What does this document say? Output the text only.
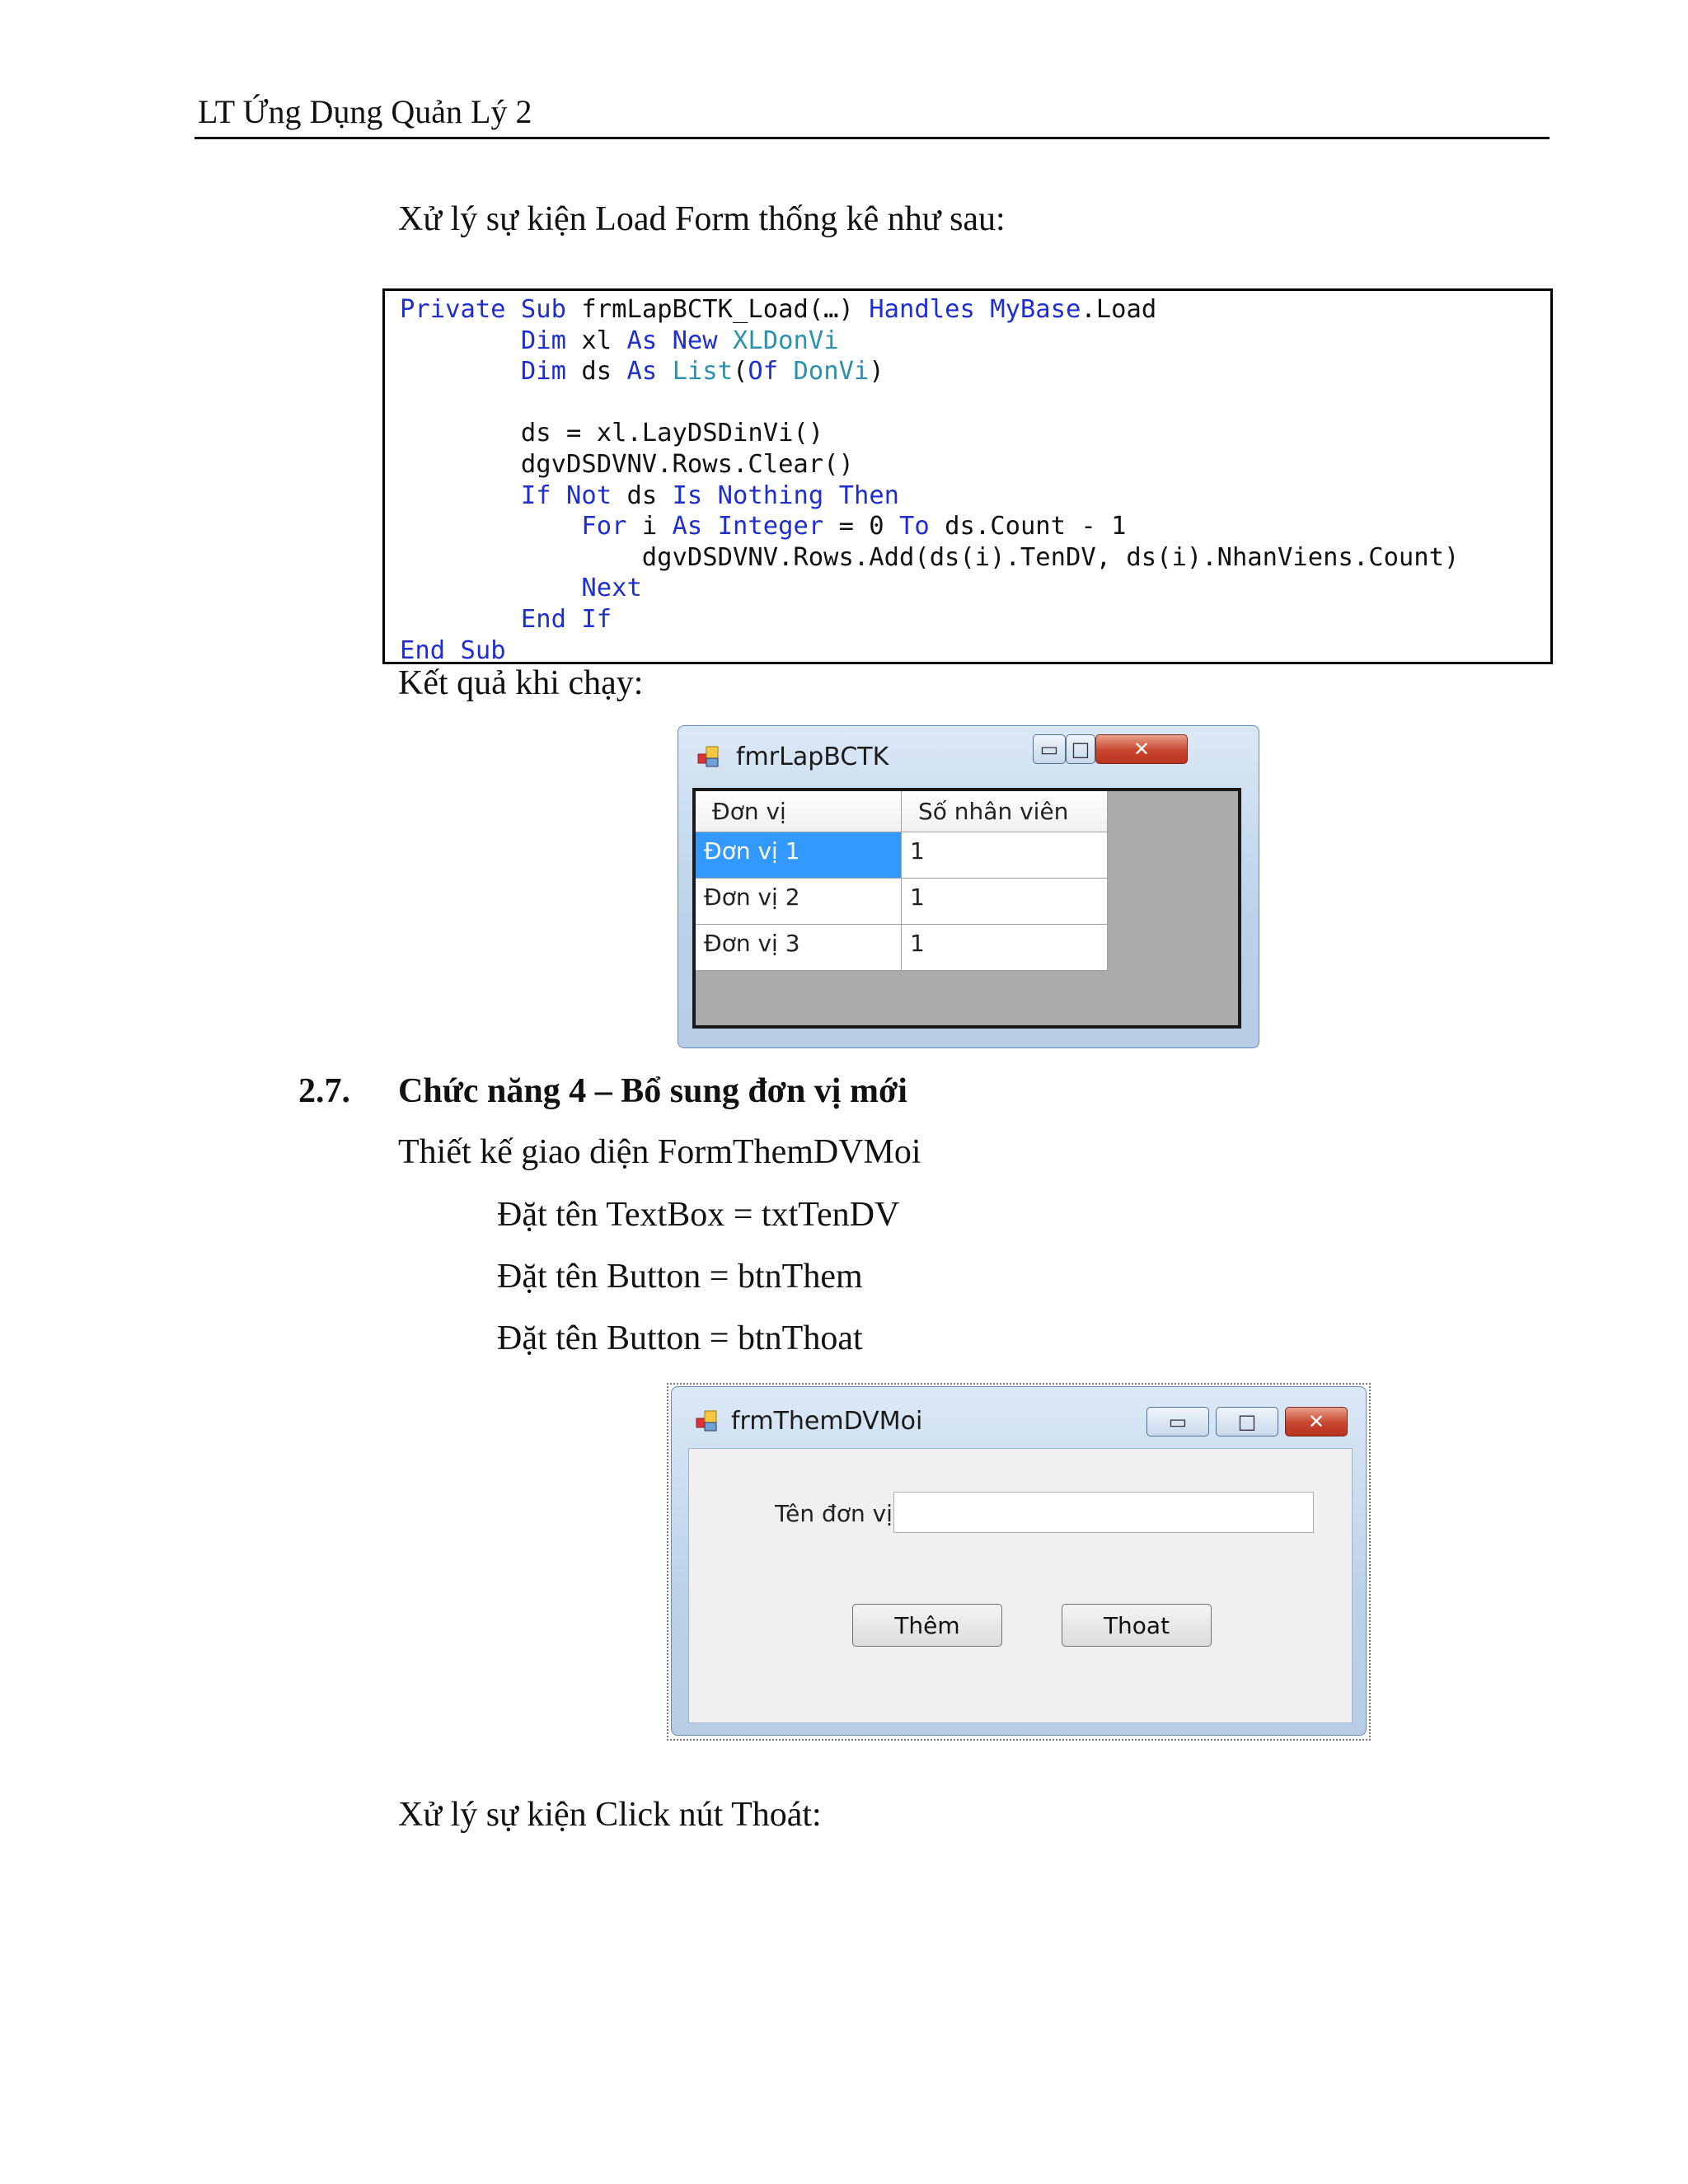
LT Ứng Dụng Quản Lý 2
Xử lý sự kiện Load Form thống kê như sau:
Private Sub frmLapBCTK_Load(…) Handles MyBase.Load
Dim xl As New XLDonVi
Dim ds As List(Of DonVi)

ds = xl.LayDSDinVi()
dgvDSDVNV.Rows.Clear()
If Not ds Is Nothing Then
For i As Integer = 0 To ds.Count - 1
dgvDSDVNV.Rows.Add(ds(i).TenDV, ds(i).NhanViens.Count)
Next
End If
End Sub
Kết quả khi chạy:
fmrLapBCTK	▭ □	✕
Đơn vị	Số nhân viên
Đơn vị 1	1
Đơn vị 2	1
Đơn vị 3	1
2.7. Chức năng 4 – Bổ sung đơn vị mới
Thiết kế giao diện FormThemDVMoi
Đặt tên TextBox = txtTenDV
Đặt tên Button = btnThem
Đặt tên Button = btnThoat
frmThemDVMoi	▭	□	✕
Tên đơn vị
Thêm	Thoat
Xử lý sự kiện Click nút Thoát:
